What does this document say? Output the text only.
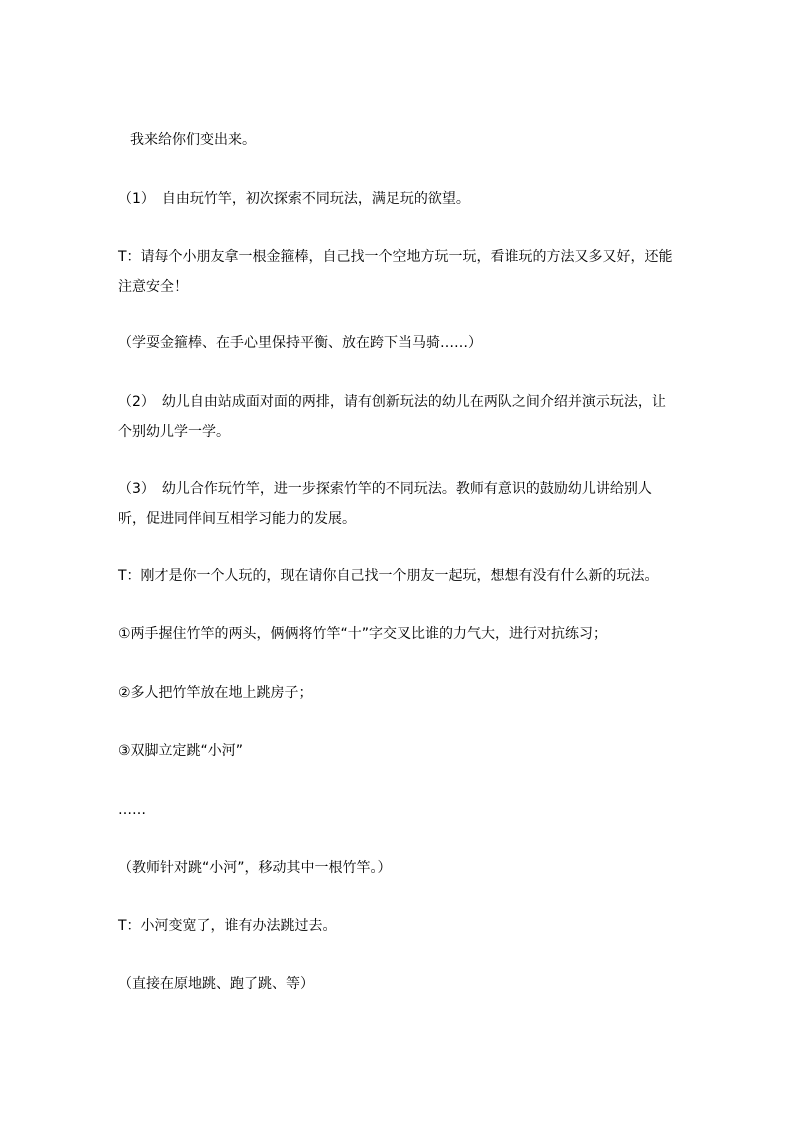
我来给你们变出来。

（1）　自由玩竹竿，初次探索不同玩法，满足玩的欲望。

T：请每个小朋友拿一根金箍棒，自己找一个空地方玩一玩，看谁玩的方法又多又好，还能注意安全！

（学耍金箍棒、在手心里保持平衡、放在跨下当马骑……）

（2）　幼儿自由站成面对面的两排，请有创新玩法的幼儿在两队之间介绍并演示玩法，让个别幼儿学一学。

（3）　幼儿合作玩竹竿，进一步探索竹竿的不同玩法。教师有意识的鼓励幼儿讲给别人听，促进同伴间互相学习能力的发展。

T：刚才是你一个人玩的，现在请你自己找一个朋友一起玩，想想有没有什么新的玩法。

①两手握住竹竿的两头，俩俩将竹竿“十”字交叉比谁的力气大，进行对抗练习；

②多人把竹竿放在地上跳房子；

③双脚立定跳“小河”

……

（教师针对跳“小河”，移动其中一根竹竿。）

T：小河变宽了，谁有办法跳过去。

（直接在原地跳、跑了跳、等）
